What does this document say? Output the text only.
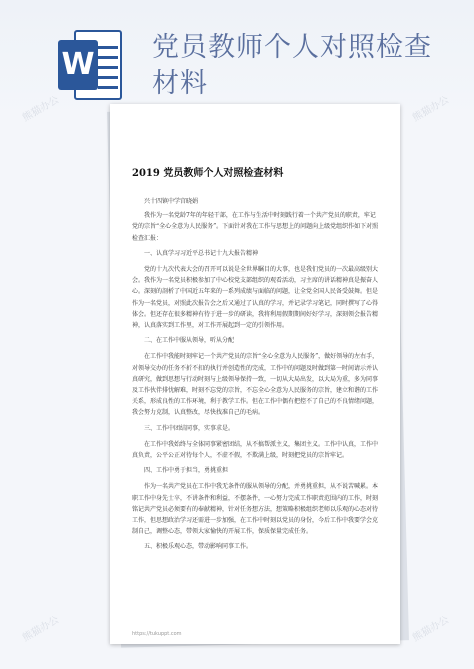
W 党员教师个人对照检查材料
2019 党员教师个人对照检查材料

兴十四镇中学宫晓娟

我作为一名党龄7年的年轻干部，在工作与生活中时刻践行着一个共产党员的职责，牢记党的宗旨“全心全意为人民服务”。下面针对我在工作与思想上的问题向上级党组织作如下对照检查汇报：

一、认真学习习近平总书记十九大报告精神

党的十九次代表大会的召开可以说是全世界瞩目的大事，也是我们党员的一次最高级别大会。我作为一名党员积极参加了中心校党支部组织的观看活动，习主席的讲话精神真是振奋人心。深刻的剖析了中国近五年来的一系列成绩与面临的问题，让全党全国人民备受鼓舞。但是作为一名党员，对照此次报告会之后又通过了认真的学习，并记录学习笔记，同时撰写了心得体会。但还存在很多精神有待于进一步的研读，我将利用假期期间好好学习，深刻领会报告精神，认真落实到工作里，对工作开展起到一定的引领作用。

二、在工作中服从领导，听从分配

在工作中我能时刻牢记一个共产党员的宗旨“全心全意为人民服务”，做好领导的左右手，对领导交办的任务不折不扣的执行并创造性的完成，工作中的问题及时做到第一时间请示并认真研究，做到思想与行动时刻与上级领导保持一致，一切从大局出发，以大局为重，多为同事及工作伙伴排忧解难，时刻不忘党的宗旨，不忘全心全意为人民服务的宗旨，建立和谐的工作关系，形成良性的工作环境，利于教学工作。但在工作中偶有把控不了自己的不良情绪问题，我会努力克制，认真整改，尽快找准自己的毛病。

三、工作中团结同事，实事求是。

在工作中我始终与全体同事紧密团结，从不搞帮派主义，集团主义。工作中认真，工作中真负责，公平公正对待每个人，不虚不假，不欺满上级，时刻把党员的宗旨牢记。

四、工作中勇于担当，勇挑重担

作为一名共产党员在工作中我无条件的服从领导的分配，并勇挑重担，从不说苦喊累。本职工作中身先士卒，不讲条件和利益，不摆条件，一心努力完成工作职责范围内的工作，时刻铭记共产党员必须要有的奉献精神，针对任务想方法，想策略积极组织老师以乐观的心态对待工作，但思想政治学习还需进一步加强，在工作中时刻以党员的身份，今后工作中我要学会克制自己，调整心态，带领大家愉快的开展工作，保质保量完成任务。

五、积极乐观心态，带动影响同事工作。

https://tukuppt.com
熊猫办公	熊猫办公
熊猫办公	熊猫办公
